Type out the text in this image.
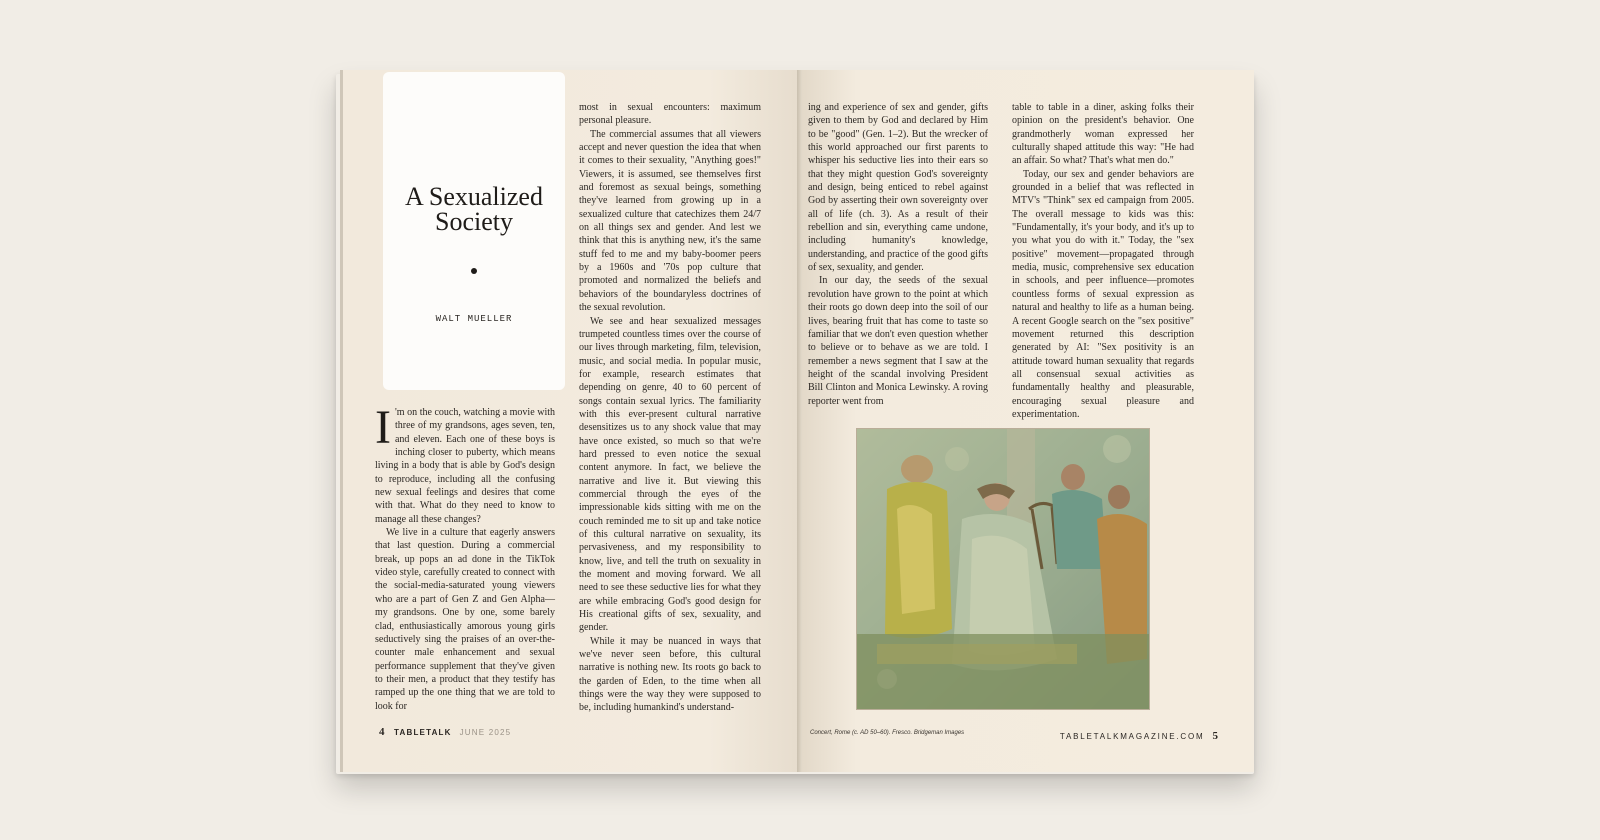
A Sexualized
Society
WALT MUELLER

I 'm on the couch, watching a movie with three of my grandsons, ages seven, ten, and eleven. Each one of these boys is inching closer to puberty, which means living in a body that is able by God's design to reproduce, including all the confusing new sexual feelings and desires that come with that. What do they need to know to manage all these changes?

We live in a culture that eagerly answers that last question. During a commercial break, up pops an ad done in the TikTok video style, carefully created to connect with the social-media-saturated young viewers who are a part of Gen Z and Gen Alpha—my grandsons. One by one, some barely clad, enthusiastically amorous young girls seductively sing the praises of an over-the-counter male enhancement and sexual performance supplement that they've given to their men, a product that they testify has ramped up the one thing that we are told to look for

most in sexual encounters: maximum personal pleasure.

The commercial assumes that all viewers accept and never question the idea that when it comes to their sexuality, "Anything goes!" Viewers, it is assumed, see themselves first and foremost as sexual beings, something they've learned from growing up in a sexualized culture that catechizes them 24/7 on all things sex and gender. And lest we think that this is anything new, it's the same stuff fed to me and my baby-boomer peers by a 1960s and '70s pop culture that promoted and normalized the beliefs and behaviors of the boundaryless doctrines of the sexual revolution.

We see and hear sexualized messages trumpeted countless times over the course of our lives through marketing, film, television, music, and social media. In popular music, for example, research estimates that depending on genre, 40 to 60 percent of songs contain sexual lyrics. The familiarity with this ever-present cultural narrative desensitizes us to any shock value that may have once existed, so much so that we're hard pressed to even notice the sexual content anymore. In fact, we believe the narrative and live it. But viewing this commercial through the eyes of the impressionable kids sitting with me on the couch reminded me to sit up and take notice of this cultural narrative on sexuality, its pervasiveness, and my responsibility to know, live, and tell the truth on sexuality in the moment and moving forward. We all need to see these seductive lies for what they are while embracing God's good design for His creational gifts of sex, sexuality, and gender.

While it may be nuanced in ways that we've never seen before, this cultural narrative is nothing new. Its roots go back to the garden of Eden, to the time when all things were the way they were supposed to be, including humankind's understand-

4 TABLETALK JUNE 2025

ing and experience of sex and gender, gifts given to them by God and declared by Him to be "good" (Gen. 1–2). But the wrecker of this world approached our first parents to whisper his seductive lies into their ears so that they might question God's sovereignty and design, being enticed to rebel against God by asserting their own sovereignty over all of life (ch. 3). As a result of their rebellion and sin, everything came undone, including humanity's knowledge, understanding, and practice of the good gifts of sex, sexuality, and gender.

In our day, the seeds of the sexual revolution have grown to the point at which their roots go down deep into the soil of our lives, bearing fruit that has come to taste so familiar that we don't even question whether to believe or to behave as we are told. I remember a news segment that I saw at the height of the scandal involving President Bill Clinton and Monica Lewinsky. A roving reporter went from

table to table in a diner, asking folks their opinion on the president's behavior. One grandmotherly woman expressed her culturally shaped attitude this way: "He had an affair. So what? That's what men do."

Today, our sex and gender behaviors are grounded in a belief that was reflected in MTV's "Think" sex ed campaign from 2005. The overall message to kids was this: "Fundamentally, it's your body, and it's up to you what you do with it." Today, the "sex positive" movement—propagated through media, music, comprehensive sex education in schools, and peer influence—promotes countless forms of sexual expression as natural and healthy to life as a human being. A recent Google search on the "sex positive" movement returned this description generated by AI: "Sex positivity is an attitude toward human sexuality that regards all consensual sexual activities as fundamentally healthy and pleasurable, encouraging sexual pleasure and experimentation.

Concert, Rome (c. AD 50–60). Fresco. Bridgeman Images	TABLETALKMAGAZINE.COM 5
